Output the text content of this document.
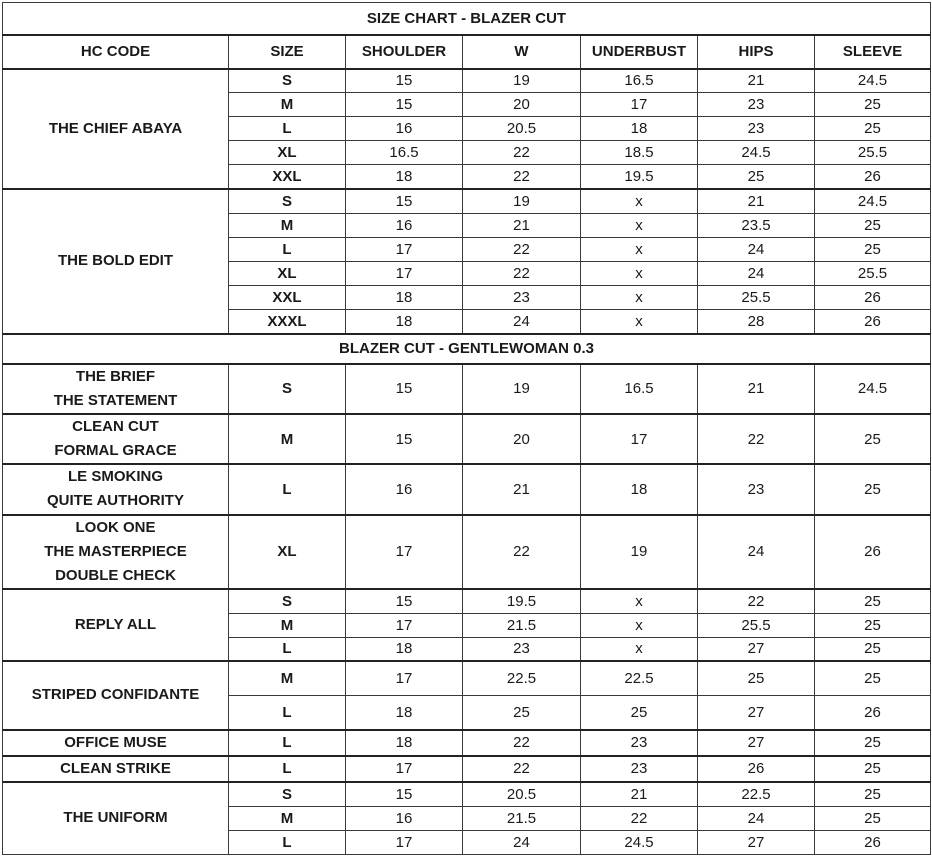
SIZE CHART - BLAZER CUT						
HC CODE	SIZE	SHOULDER	W	UNDERBUST	HIPS	SLEEVE

THE CHIEF ABAYA	S	15	19	16.5	21	24.5
	M	15	20	17	23	25
	L	16	20.5	18	23	25
	XL	16.5	22	18.5	24.5	25.5
	XXL	18	22	19.5	25	26

THE BOLD EDIT	S	15	19	x	21	24.5
	M	16	21	x	23.5	25
	L	17	22	x	24	25
	XL	17	22	x	24	25.5
	XXL	18	23	x	25.5	26
	XXXL	18	24	x	28	26
BLAZER CUT - GENTLEWOMAN 0.3						

THE BRIEF
THE STATEMENT	S	15	19	16.5	21	24.5

CLEAN CUT
FORMAL GRACE	M	15	20	17	22	25

LE SMOKING
QUITE AUTHORITY	L	16	21	18	23	25

LOOK ONE
THE MASTERPIECE
DOUBLE CHECK	XL	17	22	19	24	26

REPLY ALL	S	15	19.5	x	22	25
	M	17	21.5	x	25.5	25
	L	18	23	x	27	25

STRIPED CONFIDANTE	M	17	22.5	22.5	25	25
	L	18	25	25	27	26

OFFICE MUSE	L	18	22	23	27	25

CLEAN STRIKE	L	17	22	23	26	25

THE UNIFORM	S	15	20.5	21	22.5	25
	M	16	21.5	22	24	25
	L	17	24	24.5	27	26
